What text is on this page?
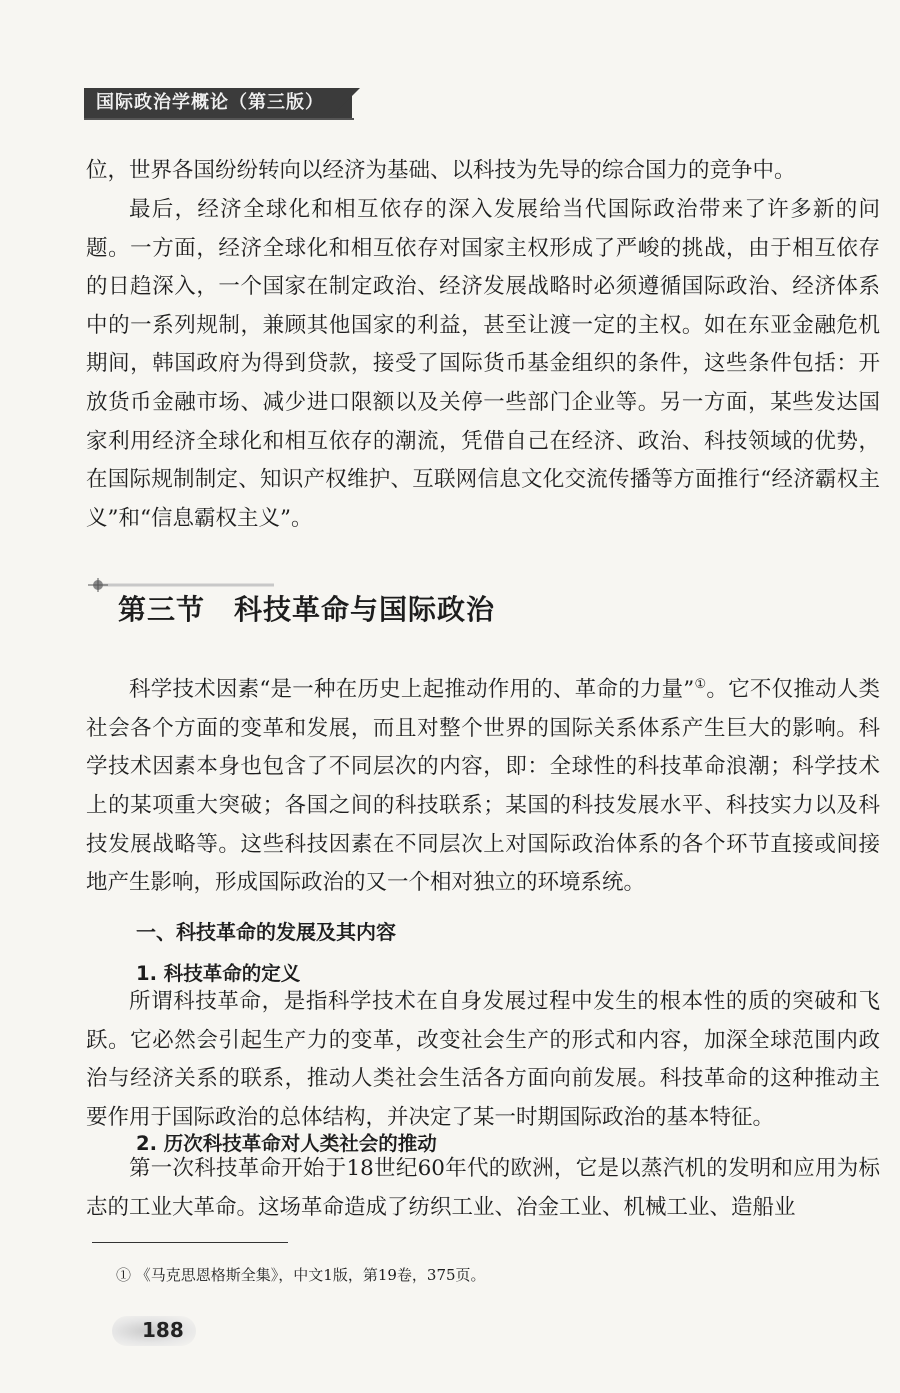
国际政治学概论（第三版）

位，世界各国纷纷转向以经济为基础、以科技为先导的综合国力的竞争中。

最后，经济全球化和相互依存的深入发展给当代国际政治带来了许多新的问题。一方面，经济全球化和相互依存对国家主权形成了严峻的挑战，由于相互依存的日趋深入，一个国家在制定政治、经济发展战略时必须遵循国际政治、经济体系中的一系列规制，兼顾其他国家的利益，甚至让渡一定的主权。如在东亚金融危机期间，韩国政府为得到贷款，接受了国际货币基金组织的条件，这些条件包括：开放货币金融市场、减少进口限额以及关停一些部门企业等。另一方面，某些发达国家利用经济全球化和相互依存的潮流，凭借自己在经济、政治、科技领域的优势，在国际规制制定、知识产权维护、互联网信息文化交流传播等方面推行“经济霸权主义”和“信息霸权主义”。

第三节　科技革命与国际政治

科学技术因素“是一种在历史上起推动作用的、革命的力量”①。它不仅推动人类社会各个方面的变革和发展，而且对整个世界的国际关系体系产生巨大的影响。科学技术因素本身也包含了不同层次的内容，即：全球性的科技革命浪潮；科学技术上的某项重大突破；各国之间的科技联系；某国的科技发展水平、科技实力以及科技发展战略等。这些科技因素在不同层次上对国际政治体系的各个环节直接或间接地产生影响，形成国际政治的又一个相对独立的环境系统。

一、科技革命的发展及其内容
1. 科技革命的定义

所谓科技革命，是指科学技术在自身发展过程中发生的根本性的质的突破和飞跃。它必然会引起生产力的变革，改变社会生产的形式和内容，加深全球范围内政治与经济关系的联系，推动人类社会生活各方面向前发展。科技革命的这种推动主要作用于国际政治的总体结构，并决定了某一时期国际政治的基本特征。

2. 历次科技革命对人类社会的推动

第一次科技革命开始于18世纪60年代的欧洲，它是以蒸汽机的发明和应用为标志的工业大革命。这场革命造成了纺织工业、冶金工业、机械工业、造船业

① 《马克思恩格斯全集》，中文1版，第19卷，375页。
188
